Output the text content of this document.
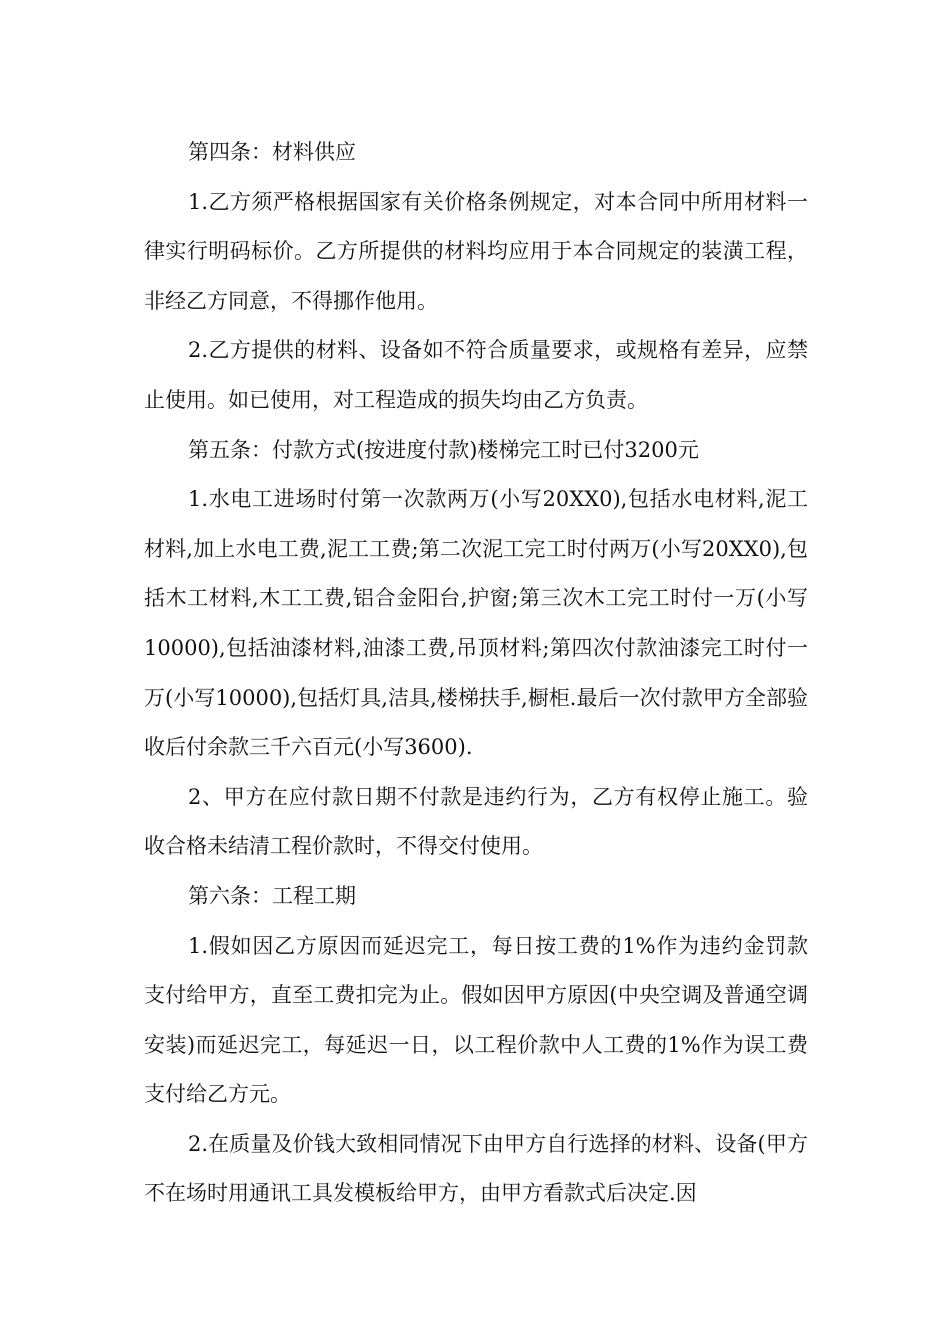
第四条：材料供应

1.乙方须严格根据国家有关价格条例规定，对本合同中所用材料一律实行明码标价。乙方所提供的材料均应用于本合同规定的装潢工程，非经乙方同意，不得挪作他用。

2.乙方提供的材料、设备如不符合质量要求，或规格有差异，应禁止使用。如已使用，对工程造成的损失均由乙方负责。

第五条：付款方式(按进度付款)楼梯完工时已付3200元

1.水电工进场时付第一次款两万(小写20XX0),包括水电材料,泥工材料,加上水电工费,泥工工费;第二次泥工完工时付两万(小写20XX0),包括木工材料,木工工费,铝合金阳台,护窗;第三次木工完工时付一万(小写10000),包括油漆材料,油漆工费,吊顶材料;第四次付款油漆完工时付一万(小写10000),包括灯具,洁具,楼梯扶手,橱柜.最后一次付款甲方全部验收后付余款三千六百元(小写3600).

2、甲方在应付款日期不付款是违约行为，乙方有权停止施工。验收合格未结清工程价款时，不得交付使用。

第六条：工程工期

1.假如因乙方原因而延迟完工，每日按工费的1%作为违约金罚款支付给甲方，直至工费扣完为止。假如因甲方原因(中央空调及普通空调安装)而延迟完工，每延迟一日，以工程价款中人工费的1%作为误工费支付给乙方元。

2.在质量及价钱大致相同情况下由甲方自行选择的材料、设备(甲方不在场时用通讯工具发模板给甲方，由甲方看款式后决定.因
